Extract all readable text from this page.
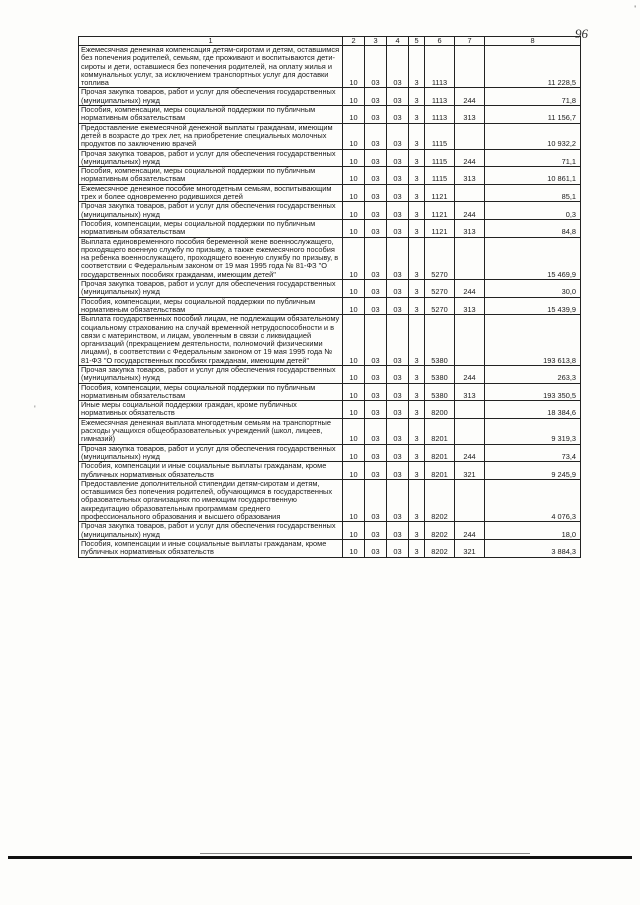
96
'
'
1	2	3	4	5	6	7	8
Ежемесячная денежная компенсация детям-сиротам и детям, оставшимся без попечения родителей, семьям, где проживают и воспитываются дети-сироты и дети, оставшиеся без попечения родителей, на оплату жилья и коммунальных услуг, за исключением транспортных услуг для доставки топлива	10	03	03	3	1113		11 228,5
Прочая закупка товаров, работ и услуг для обеспечения государственных (муниципальных) нужд	10	03	03	3	1113	244	71,8
Пособия, компенсации, меры социальной поддержки по публичным нормативным обязательствам	10	03	03	3	1113	313	11 156,7
Предоставление ежемесячной денежной выплаты гражданам, имеющим детей в возрасте до трех лет, на приобретение специальных молочных продуктов по заключению врачей	10	03	03	3	1115		10 932,2
Прочая закупка товаров, работ и услуг для обеспечения государственных (муниципальных) нужд	10	03	03	3	1115	244	71,1
Пособия, компенсации, меры социальной поддержки по публичным нормативным обязательствам	10	03	03	3	1115	313	10 861,1
Ежемесячное денежное пособие многодетным семьям, воспитывающим трех и более одновременно родившихся детей	10	03	03	3	1121		85,1
Прочая закупка товаров, работ и услуг для обеспечения государственных (муниципальных) нужд	10	03	03	3	1121	244	0,3
Пособия, компенсации, меры социальной поддержки по публичным нормативным обязательствам	10	03	03	3	1121	313	84,8
Выплата единовременного пособия беременной жене военнослужащего, проходящего военную службу по призыву, а также ежемесячного пособия на ребенка военнослужащего, проходящего военную службу по призыву, в соответствии с Федеральным законом от 19 мая 1995 года № 81-ФЗ "О государственных пособиях гражданам, имеющим детей"	10	03	03	3	5270		15 469,9
Прочая закупка товаров, работ и услуг для обеспечения государственных (муниципальных) нужд	10	03	03	3	5270	244	30,0
Пособия, компенсации, меры социальной поддержки по публичным нормативным обязательствам	10	03	03	3	5270	313	15 439,9
Выплата государственных пособий лицам, не подлежащим обязательному социальному страхованию на случай временной нетрудоспособности и в связи с материнством, и лицам, уволенным в связи с ликвидацией организаций (прекращением деятельности, полномочий физическими лицами), в соответствии с Федеральным законом от 19 мая 1995 года № 81-ФЗ "О государственных пособиях гражданам, имеющим детей"	10	03	03	3	5380		193 613,8
Прочая закупка товаров, работ и услуг для обеспечения государственных (муниципальных) нужд	10	03	03	3	5380	244	263,3
Пособия, компенсации, меры социальной поддержки по публичным нормативным обязательствам	10	03	03	3	5380	313	193 350,5
Иные меры социальной поддержки граждан, кроме публичных нормативных обязательств	10	03	03	3	8200		18 384,6
Ежемесячная денежная выплата многодетным семьям на транспортные расходы учащихся общеобразовательных учреждений (школ, лицеев, гимназий)	10	03	03	3	8201		9 319,3
Прочая закупка товаров, работ и услуг для обеспечения государственных (муниципальных) нужд	10	03	03	3	8201	244	73,4
Пособия, компенсации и иные социальные выплаты гражданам, кроме публичных нормативных обязательств	10	03	03	3	8201	321	9 245,9
Предоставление дополнительной стипендии детям-сиротам и детям, оставшимся без попечения родителей, обучающимся в государственных образовательных организациях по имеющим государственную аккредитацию образовательным программам среднего профессионального образования и высшего образования	10	03	03	3	8202		4 076,3
Прочая закупка товаров, работ и услуг для обеспечения государственных (муниципальных) нужд	10	03	03	3	8202	244	18,0
Пособия, компенсации и иные социальные выплаты гражданам, кроме публичных нормативных обязательств	10	03	03	3	8202	321	3 884,3
